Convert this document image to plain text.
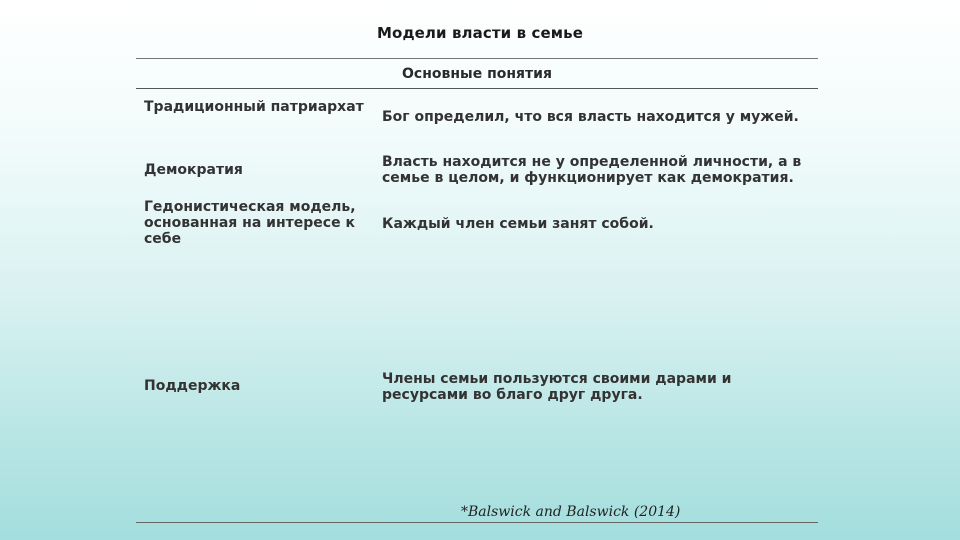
Модели власти в семье
Основные понятия
Традиционный патриархат
Бог определил, что вся власть находится у мужей.
Демократия	Власть находится не у определенной личности, а в семье в целом, и функционирует как демократия.
Гедонистическая модель, основанная на интересе к себе
Каждый член семьи занят собой.
Поддержка	Члены семьи пользуются своими дарами и ресурсами во благо друг друга.
*Balswick and Balswick (2014)
